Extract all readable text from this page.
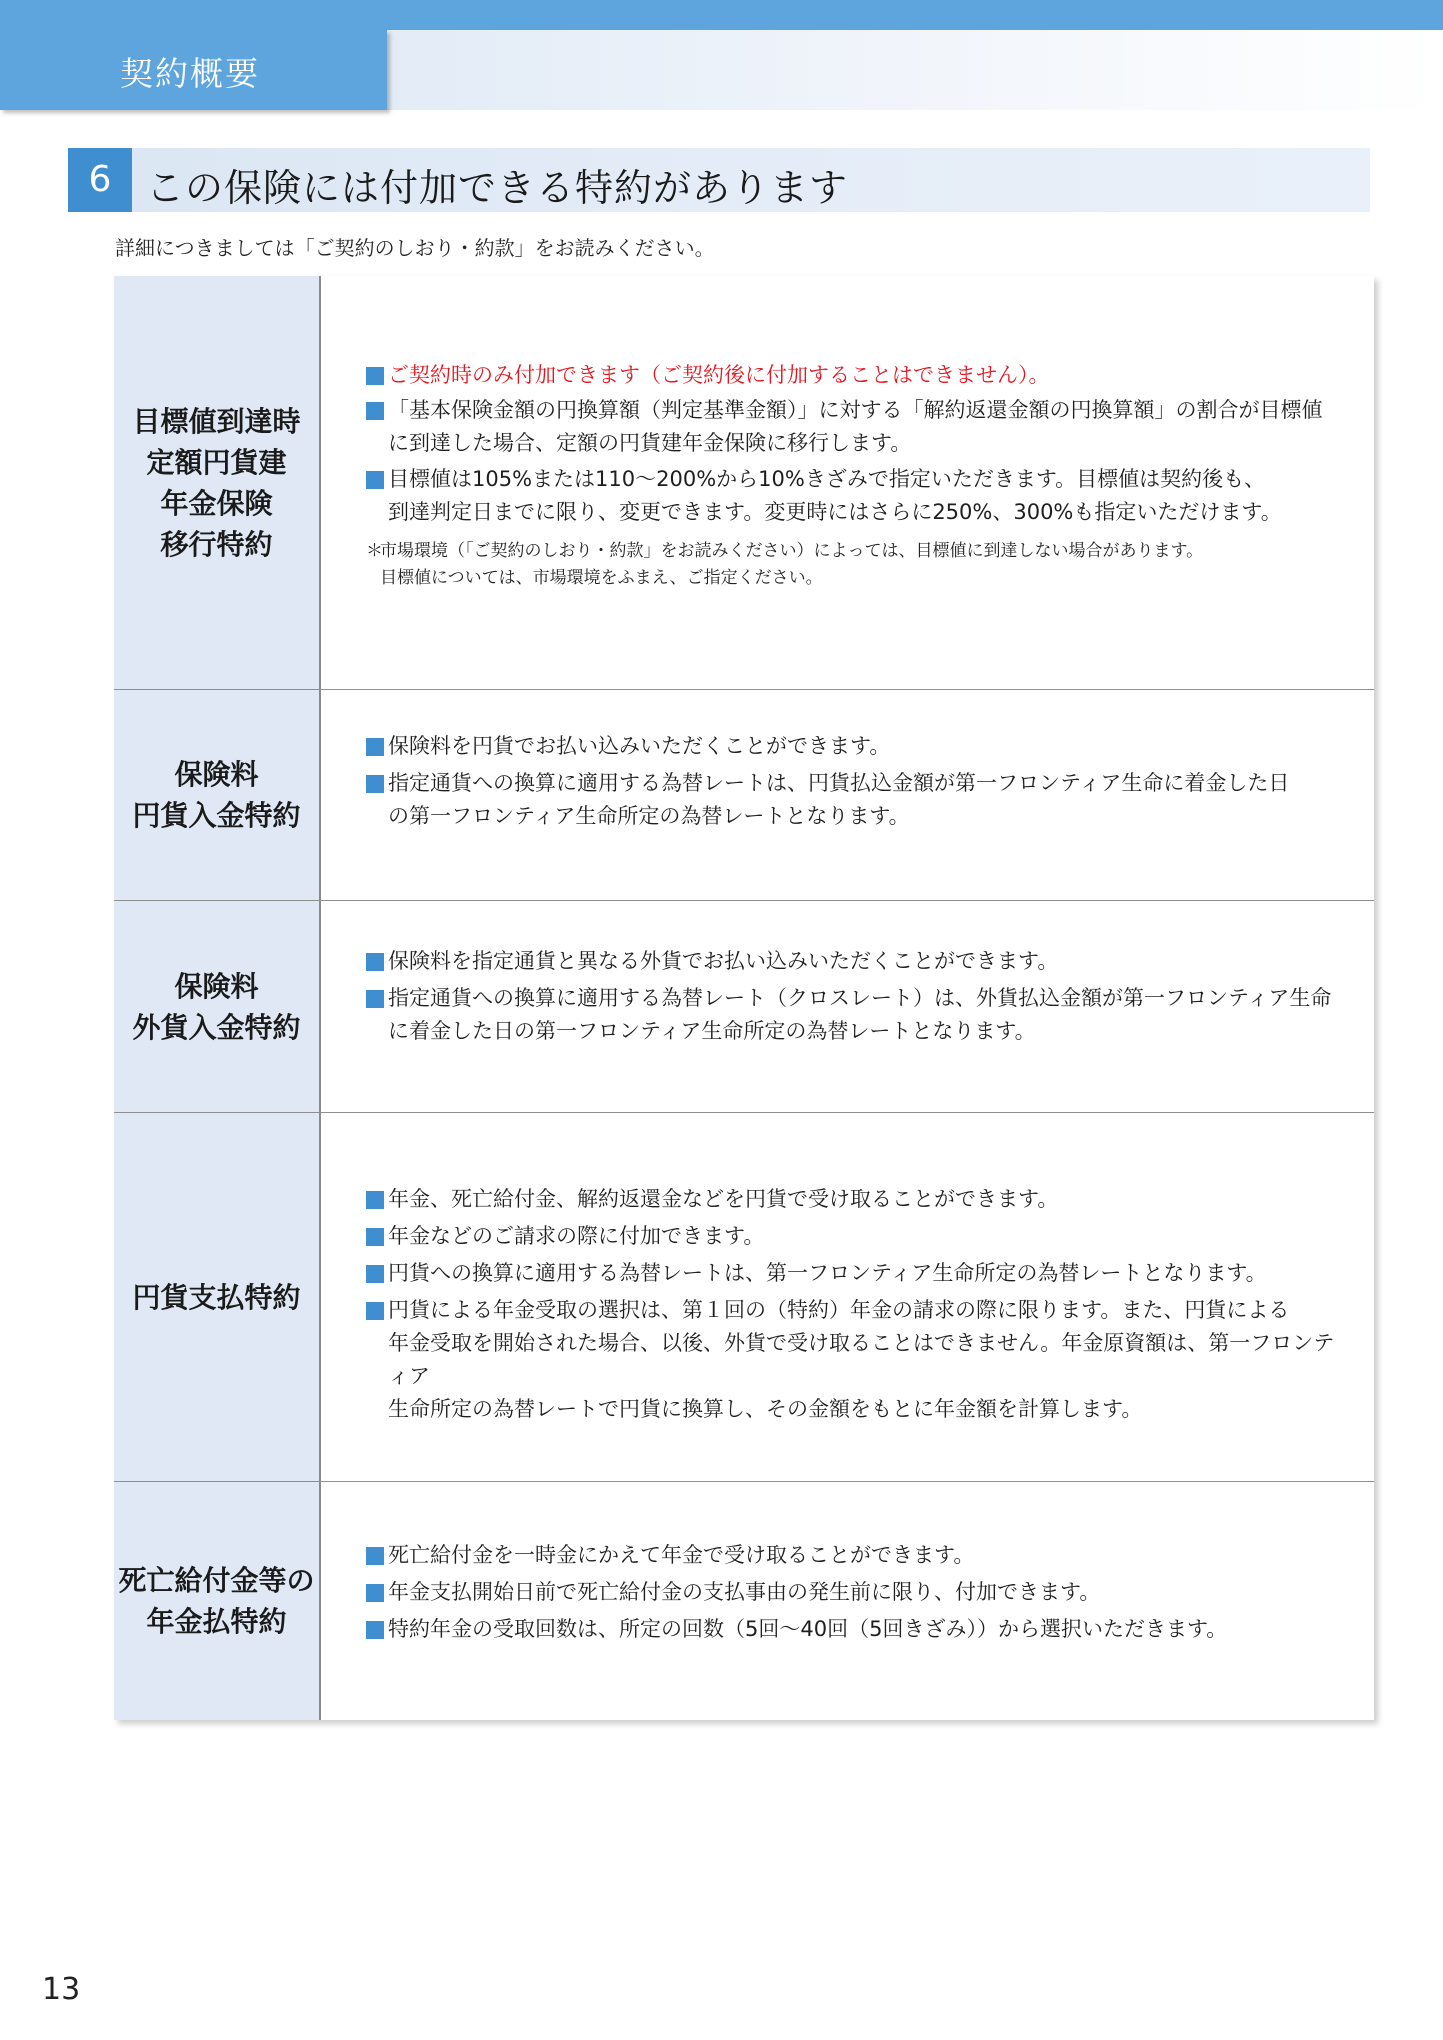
契約概要
6 この保険には付加できる特約があります
詳細につきましては「ご契約のしおり・約款」をお読みください。
目標値到達時
定額円貨建
年金保険
移行特約
ご契約時のみ付加できます（ご契約後に付加することはできません）。
「基本保険金額の円換算額（判定基準金額）」に対する「解約返還金額の円換算額」の割合が目標値
に到達した場合、定額の円貨建年金保険に移行します。
目標値は105%または110～200%から10%きざみで指定いただきます。目標値は契約後も、
到達判定日までに限り、変更できます。変更時にはさらに250%、300%も指定いただけます。
＊
市場環境（「ご契約のしおり・約款」をお読みください）によっては、目標値に到達しない場合があります。
目標値については、市場環境をふまえ、ご指定ください。
保険料
円貨入金特約
保険料を円貨でお払い込みいただくことができます。
指定通貨への換算に適用する為替レートは、円貨払込金額が第一フロンティア生命に着金した日
の第一フロンティア生命所定の為替レートとなります。
保険料
外貨入金特約
保険料を指定通貨と異なる外貨でお払い込みいただくことができます。
指定通貨への換算に適用する為替レート（クロスレート）は、外貨払込金額が第一フロンティア生命
に着金した日の第一フロンティア生命所定の為替レートとなります。
円貨支払特約
年金、死亡給付金、解約返還金などを円貨で受け取ることができます。
年金などのご請求の際に付加できます。
円貨への換算に適用する為替レートは、第一フロンティア生命所定の為替レートとなります。
円貨による年金受取の選択は、第１回の（特約）年金の請求の際に限ります。また、円貨による
年金受取を開始された場合、以後、外貨で受け取ることはできません。年金原資額は、第一フロンティア
生命所定の為替レートで円貨に換算し、その金額をもとに年金額を計算します。
死亡給付金等の
年金払特約
死亡給付金を一時金にかえて年金で受け取ることができます。
年金支払開始日前で死亡給付金の支払事由の発生前に限り、付加できます。
特約年金の受取回数は、所定の回数（5回～40回（5回きざみ））から選択いただきます。
13
